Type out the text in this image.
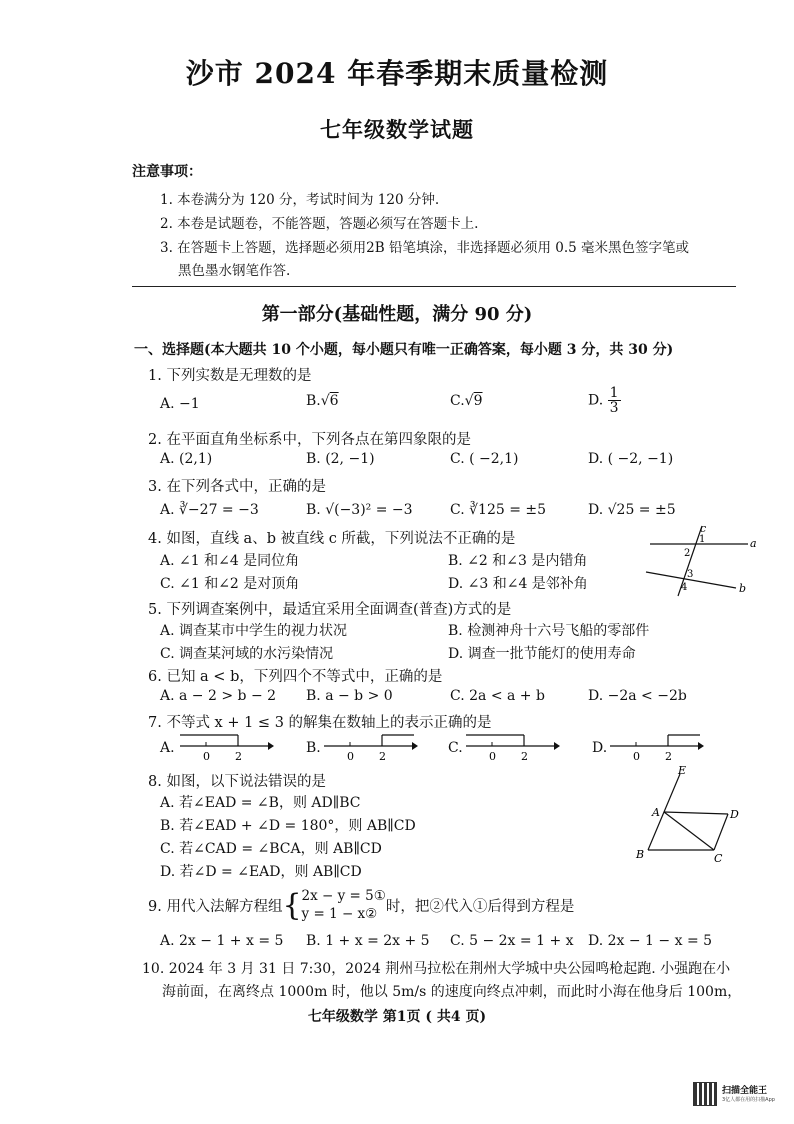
沙市 2024 年春季期末质量检测
七年级数学试题
注意事项：
1. 本卷满分为 120 分，考试时间为 120 分钟.
2. 本卷是试题卷，不能答题，答题必须写在答题卡上.
3. 在答题卡上答题，选择题必须用2B 铅笔填涂，非选择题必须用 0.5 毫米黑色签字笔或
黑色墨水钢笔作答.
第一部分(基础性题，满分 90 分)
一、选择题(本大题共 10 个小题，每小题只有唯一正确答案，每小题 3 分，共 30 分)
1. 下列实数是无理数的是
A. −1	B.√6	C.√9	D. $\frac{1}{3}$
2. 在平面直角坐标系中，下列各点在第四象限的是
A. (2,1)	B. (2, −1)	C. ( −2,1)	D. ( −2, −1)
3. 在下列各式中，正确的是
A. ∛−27 = −3	B. √(−3)² = −3	C. ∛125 = ±5	D. √25 = ±5
4. 如图，直线 a、b 被直线 c 所截，下列说法不正确的是
A. ∠1 和∠4 是同位角	B. ∠2 和∠3 是内错角
C. ∠1 和∠2 是对顶角	D. ∠3 和∠4 是邻补角
c
a
b
1
2
3
4
5. 下列调查案例中，最适宜采用全面调查(普查)方式的是
A. 调查某市中学生的视力状况	B. 检测神舟十六号飞船的零部件
C. 调查某河域的水污染情况	D. 调查一批节能灯的使用寿命
6. 已知 a < b，下列四个不等式中，正确的是
A. a − 2 > b − 2 B. a − b > 0	C. 2a < a + b	D. −2a < −2b
7. 不等式 x + 1 ≤ 3 的解集在数轴上的表示正确的是
A.	B.	C.	D.
0 2	0 2	0 2	0 2
8. 如图，以下说法错误的是
A. 若∠EAD = ∠B，则 AD∥BC
B. 若∠EAD + ∠D = 180°，则 AB∥CD
C. 若∠CAD = ∠BCA，则 AB∥CD
D. 若∠D = ∠EAD，则 AB∥CD
E
A	D
B	C
9. 用代入法解方程组{2x − y = 5①
y = 1 − x② 时，把②代入①后得到方程是
A. 2x − 1 + x = 5 B. 1 + x = 2x + 5 C. 5 − 2x = 1 + x D. 2x − 1 − x = 5
10. 2024 年 3 月 31 日 7:30，2024 荆州马拉松在荆州大学城中央公园鸣枪起跑. 小强跑在小
海前面，在离终点 1000m 时，他以 5m/s 的速度向终点冲刺，而此时小海在他身后 100m，
七年级数学 第1页 ( 共4 页)
扫描全能王
3亿人都在用的扫描App
